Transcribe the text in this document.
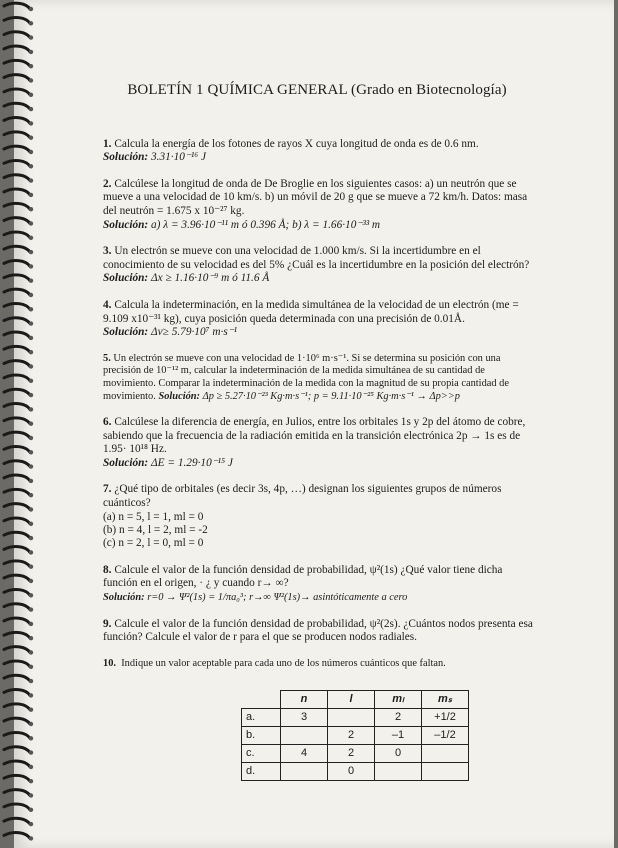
BOLETÍN 1 QUÍMICA GENERAL (Grado en Biotecnología)
1. Calcula la energía de los fotones de rayos X cuya longitud de onda es de 0.6 nm.
Solución: 3.31·10⁻¹⁶ J
2. Calcúlese la longitud de onda de De Broglie en los siguientes casos: a) un neutrón que se mueve a una velocidad de 10 km/s. b) un móvil de 20 g que se mueve a 72 km/h. Datos: masa del neutrón = 1.675 x 10⁻²⁷ kg.
Solución: a) λ = 3.96·10⁻¹¹ m ó 0.396 Å; b) λ = 1.66·10⁻³³ m
3. Un electrón se mueve con una velocidad de 1.000 km/s. Si la incertidumbre en el conocimiento de su velocidad es del 5% ¿Cuál es la incertidumbre en la posición del electrón? Solución: Δx ≥ 1.16·10⁻⁹ m ó 11.6 Å
4. Calcula la indeterminación, en la medida simultánea de la velocidad de un electrón (me = 9.109 x10⁻³¹ kg), cuya posición queda determinada con una precisión de 0.01Å.
Solución: Δv≥ 5.79·10⁷ m·s⁻¹
5. Un electrón se mueve con una velocidad de 1·10⁶ m·s⁻¹. Si se determina su posición con una precisión de 10⁻¹² m, calcular la indeterminación de la medida simultánea de su cantidad de movimiento. Comparar la indeterminación de la medida con la magnitud de su propia cantidad de movimiento. Solución: Δp ≥ 5.27·10⁻²³ Kg·m·s⁻¹; p = 9.11·10⁻²⁵ Kg·m·s⁻¹ → Δp>>p
6. Calcúlese la diferencia de energía, en Julios, entre los orbitales 1s y 2p del átomo de cobre, sabiendo que la frecuencia de la radiación emitida en la transición electrónica 2p → 1s es de 1.95· 10¹⁸ Hz.
Solución: ΔE = 1.29·10⁻¹⁵ J
7. ¿Qué tipo de orbitales (es decir 3s, 4p, …) designan los siguientes grupos de números cuánticos?
(a) n = 5, l = 1, ml = 0
(b) n = 4, l = 2, ml = -2
(c) n = 2, l = 0, ml = 0
8. Calcule el valor de la función densidad de probabilidad, ψ²(1s) ¿Qué valor tiene dicha función en el origen, · ¿ y cuando r→ ∞?
Solución: r=0 → Ψ²(1s) = 1/πa₀³; r→∞ Ψ²(1s)→ asintóticamente a cero
9. Calcule el valor de la función densidad de probabilidad, ψ²(2s). ¿Cuántos nodos presenta esa función? Calcule el valor de r para el que se producen nodos radiales.
10. Indique un valor aceptable para cada uno de los números cuánticos que faltan.
	n	l	mₗ	mₛ
a.	3		2	+1/2
b.		2	–1	–1/2
c.	4	2	0	
d.		0		
